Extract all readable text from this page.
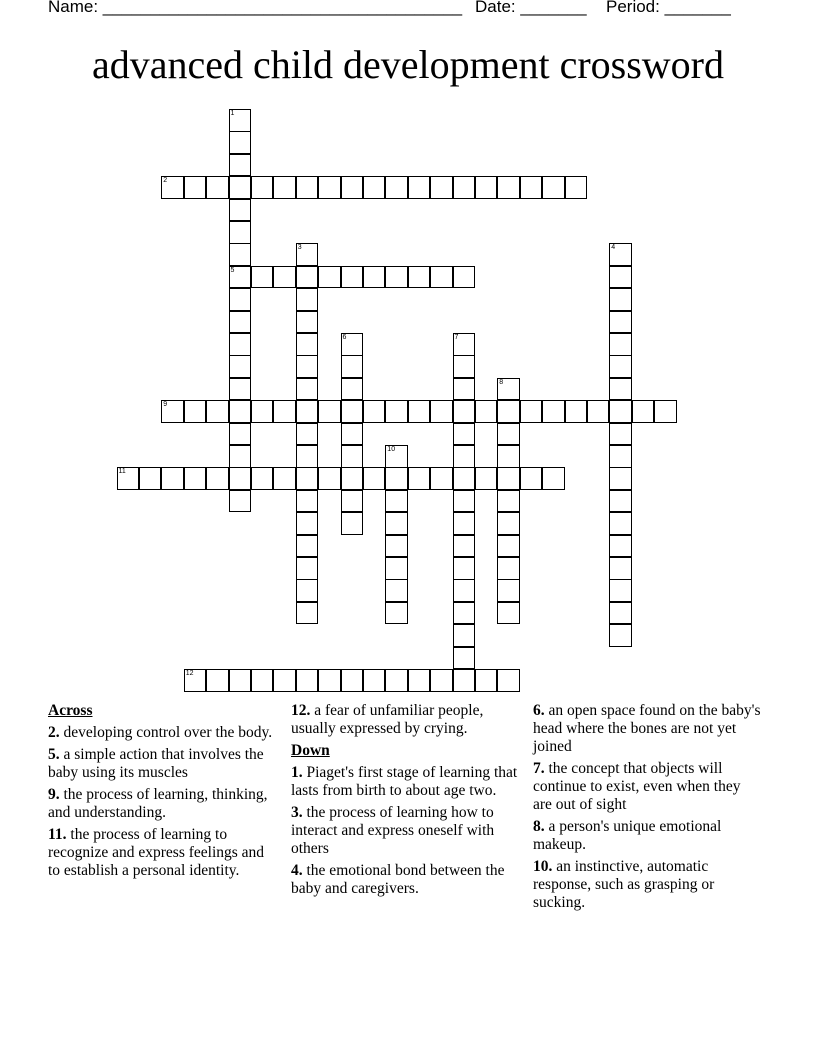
Name: ______________________________________ Date: _______ Period: _______
advanced child development crossword
1
5
2
3	4
6	7
8
9
10
11
12
Across
2. developing control over the body.
5. a simple action that involves the baby using its muscles
9. the process of learning, thinking, and understanding.
11. the process of learning to recognize and express feelings and to establish a personal identity.
12. a fear of unfamiliar people, usually expressed by crying.
Down
1. Piaget's first stage of learning that lasts from birth to about age two.
3. the process of learning how to interact and express oneself with others
4. the emotional bond between the baby and caregivers.
6. an open space found on the baby's head where the bones are not yet joined
7. the concept that objects will continue to exist, even when they are out of sight
8. a person's unique emotional makeup.
10. an instinctive, automatic response, such as grasping or sucking.
